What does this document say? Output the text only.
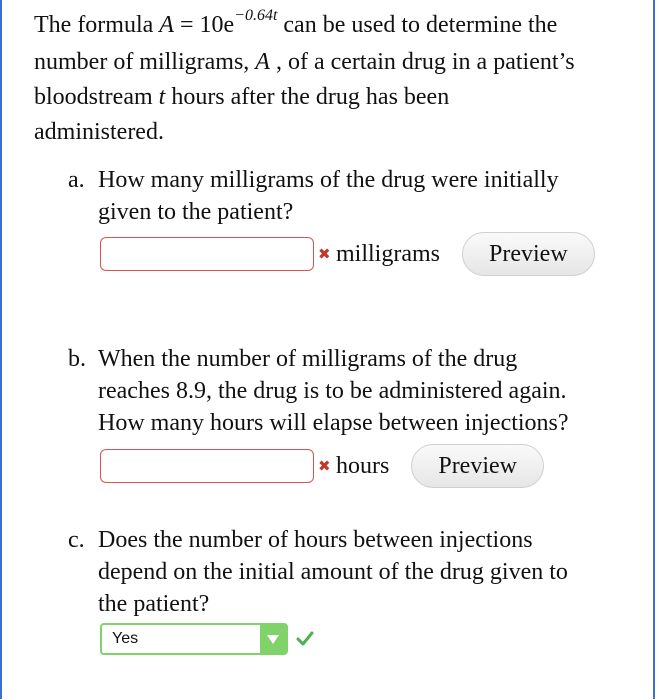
The formula $A = 10e^{-0.64t}$ can be used to determine the
number of milligrams, A , of a certain drug in a patient’s
bloodstream t hours after the drug has been
administered.
a. How many milligrams of the drug were initially
given to the patient?
✖ milligrams	Preview
b. When the number of milligrams of the drug
reaches 8.9, the drug is to be administered again.
How many hours will elapse between injections?
✖ hours	Preview
c. Does the number of hours between injections
depend on the initial amount of the drug given to
the patient?
Yes
